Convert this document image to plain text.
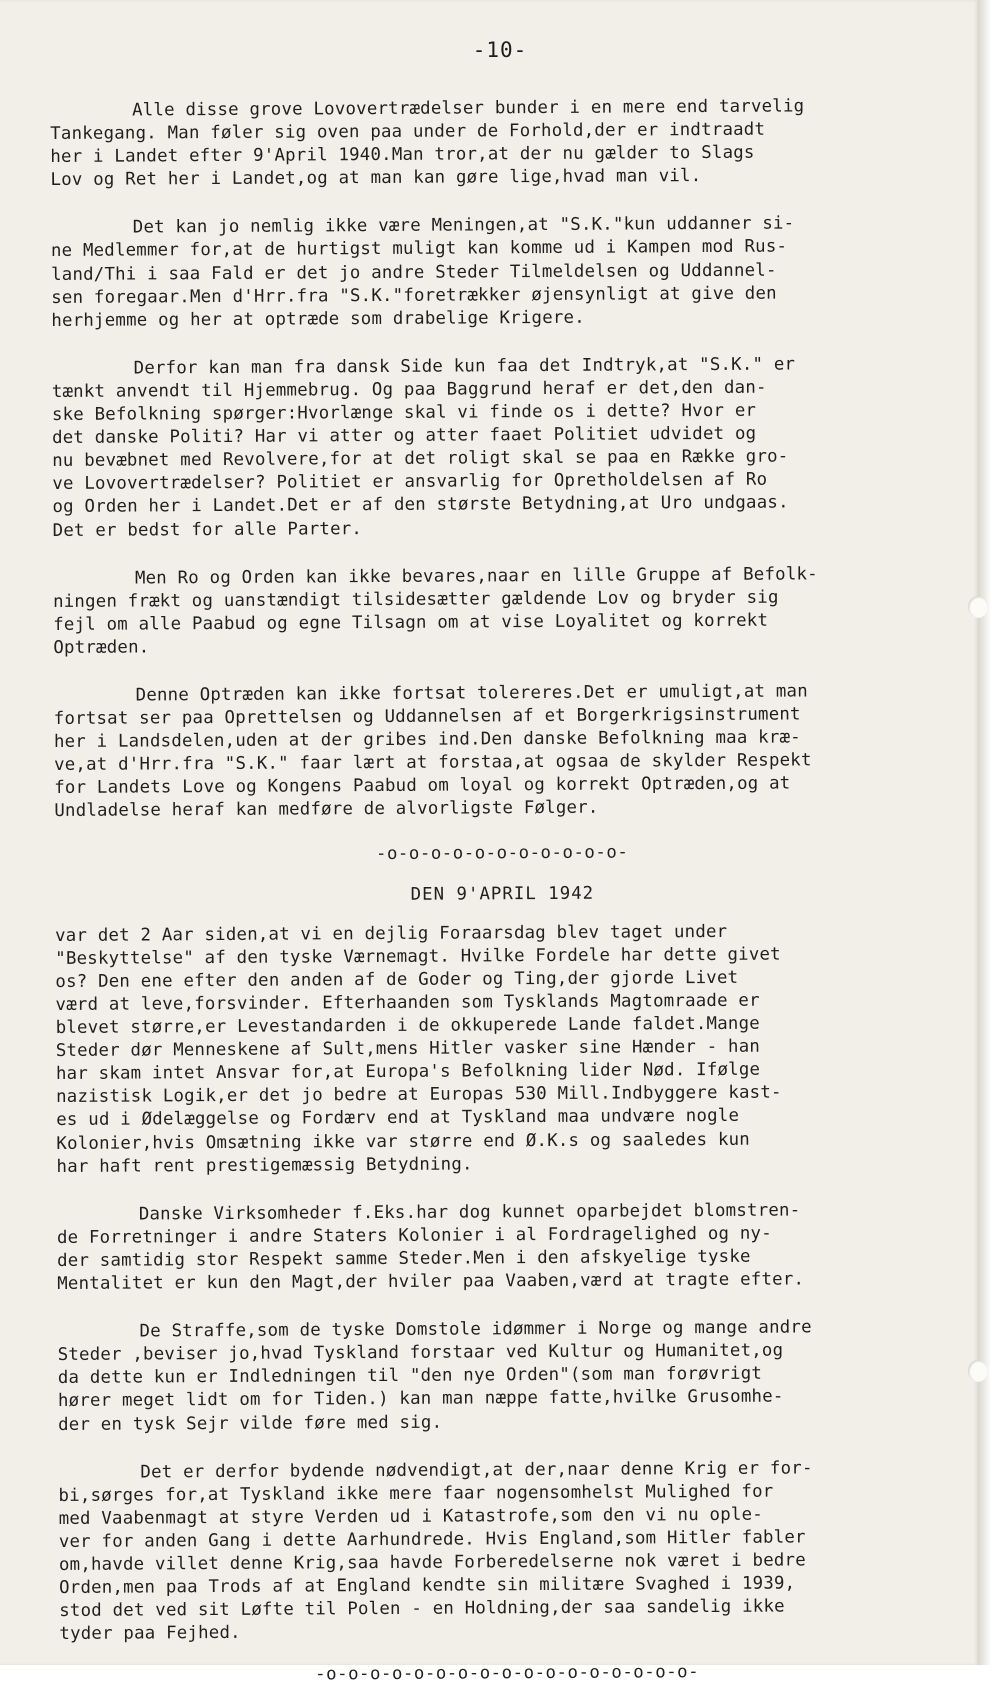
-10-
Alle disse grove Lovovertrædelser bunder i en mere end tarvelig
Tankegang. Man føler sig oven paa under de Forhold,der er indtraadt
her i Landet efter 9'April 1940.Man tror,at der nu gælder to Slags
Lov og Ret her i Landet,og at man kan gøre lige,hvad man vil.
Det kan jo nemlig ikke være Meningen,at "S.K."kun uddanner si-
ne Medlemmer for,at de hurtigst muligt kan komme ud i Kampen mod Rus-
land/Thi i saa Fald er det jo andre Steder Tilmeldelsen og Uddannel-
sen foregaar.Men d'Hrr.fra "S.K."foretrækker øjensynligt at give den
herhjemme og her at optræde som drabelige Krigere.
Derfor kan man fra dansk Side kun faa det Indtryk,at "S.K." er
tænkt anvendt til Hjemmebrug. Og paa Baggrund heraf er det,den dan-
ske Befolkning spørger:Hvorlænge skal vi finde os i dette? Hvor er
det danske Politi? Har vi atter og atter faaet Politiet udvidet og
nu bevæbnet med Revolvere,for at det roligt skal se paa en Række gro-
ve Lovovertrædelser? Politiet er ansvarlig for Opretholdelsen af Ro
og Orden her i Landet.Det er af den største Betydning,at Uro undgaas.
Det er bedst for alle Parter.
Men Ro og Orden kan ikke bevares,naar en lille Gruppe af Befolk-
ningen frækt og uanstændigt tilsidesætter gældende Lov og bryder sig
fejl om alle Paabud og egne Tilsagn om at vise Loyalitet og korrekt
Optræden.
Denne Optræden kan ikke fortsat tolereres.Det er umuligt,at man
fortsat ser paa Oprettelsen og Uddannelsen af et Borgerkrigsinstrument
her i Landsdelen,uden at der gribes ind.Den danske Befolkning maa kræ-
ve,at d'Hrr.fra "S.K." faar lært at forstaa,at ogsaa de skylder Respekt
for Landets Love og Kongens Paabud om loyal og korrekt Optræden,og at
Undladelse heraf kan medføre de alvorligste Følger.
-o-o-o-o-o-o-o-o-o-o-o-
DEN 9'APRIL 1942
var det 2 Aar siden,at vi en dejlig Foraarsdag blev taget under
"Beskyttelse" af den tyske Værnemagt. Hvilke Fordele har dette givet
os? Den ene efter den anden af de Goder og Ting,der gjorde Livet
værd at leve,forsvinder. Efterhaanden som Tysklands Magtomraade er
blevet større,er Levestandarden i de okkuperede Lande faldet.Mange
Steder dør Menneskene af Sult,mens Hitler vasker sine Hænder - han
har skam intet Ansvar for,at Europa's Befolkning lider Nød. Ifølge
nazistisk Logik,er det jo bedre at Europas 530 Mill.Indbyggere kast-
es ud i Ødelæggelse og Fordærv end at Tyskland maa undvære nogle
Kolonier,hvis Omsætning ikke var større end Ø.K.s og saaledes kun
har haft rent prestigemæssig Betydning.
Danske Virksomheder f.Eks.har dog kunnet oparbejdet blomstren-
de Forretninger i andre Staters Kolonier i al Fordragelighed og ny-
der samtidig stor Respekt samme Steder.Men i den afskyelige tyske
Mentalitet er kun den Magt,der hviler paa Vaaben,værd at tragte efter.
De Straffe,som de tyske Domstole idømmer i Norge og mange andre
Steder ,beviser jo,hvad Tyskland forstaar ved Kultur og Humanitet,og
da dette kun er Indledningen til "den nye Orden"(som man forøvrigt
hører meget lidt om for Tiden.) kan man næppe fatte,hvilke Grusomhe-
der en tysk Sejr vilde føre med sig.
Det er derfor bydende nødvendigt,at der,naar denne Krig er for-
bi,sørges for,at Tyskland ikke mere faar nogensomhelst Mulighed for
med Vaabenmagt at styre Verden ud i Katastrofe,som den vi nu ople-
ver for anden Gang i dette Aarhundrede. Hvis England,som Hitler fabler
om,havde villet denne Krig,saa havde Forberedelserne nok været i bedre
Orden,men paa Trods af at England kendte sin militære Svaghed i 1939,
stod det ved sit Løfte til Polen - en Holdning,der saa sandelig ikke
tyder paa Fejhed.
-o-o-o-o-o-o-o-o-o-o-o-o-o-o-o-o-o-
